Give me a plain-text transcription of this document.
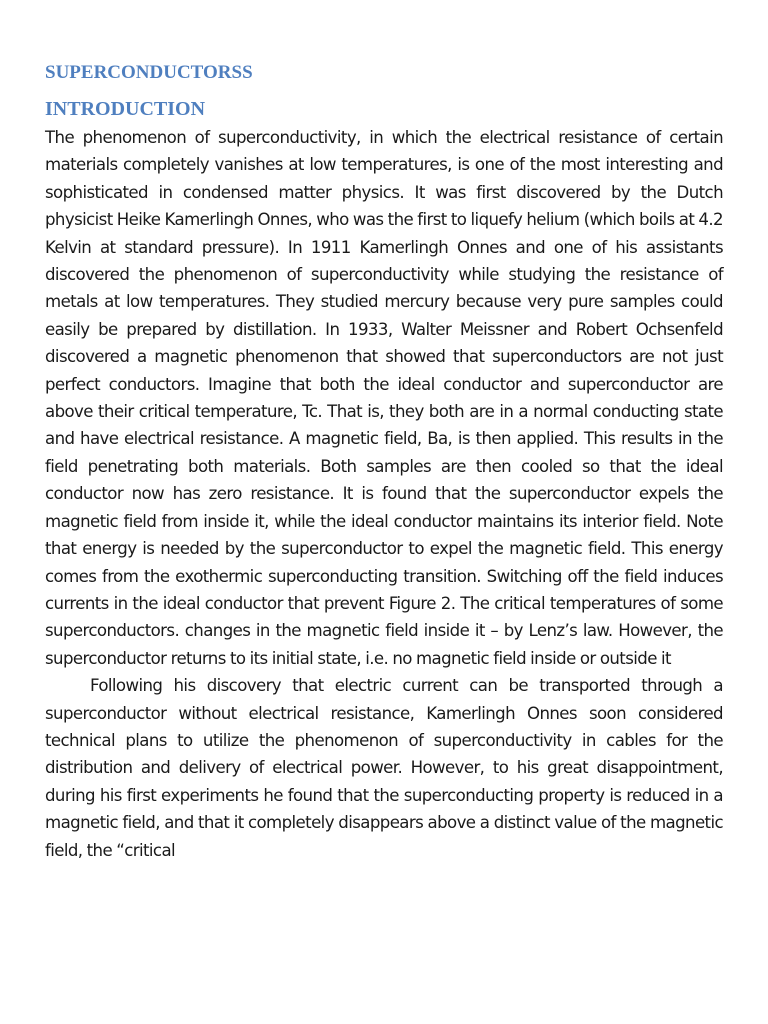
SUPERCONDUCTORSS
INTRODUCTION

The phenomenon of superconductivity, in which the electrical resistance of certain materials completely vanishes at low temperatures, is one of the most interesting and sophisticated in condensed matter physics. It was first discovered by the Dutch physicist Heike Kamerlingh Onnes, who was the first to liquefy helium (which boils at 4.2 Kelvin at standard pressure). In 1911 Kamerlingh Onnes and one of his assistants discovered the phenomenon of superconductivity while studying the resistance of metals at low temperatures. They studied mercury because very pure samples could easily be prepared by distillation. In 1933, Walter Meissner and Robert Ochsenfeld discovered a magnetic phenomenon that showed that superconductors are not just perfect conductors. Imagine that both the ideal conductor and superconductor are above their critical temperature, Tc. That is, they both are in a normal conducting state and have electrical resistance. A magnetic field, Ba, is then applied. This results in the field penetrating both materials. Both samples are then cooled so that the ideal conductor now has zero resistance. It is found that the superconductor expels the magnetic field from inside it, while the ideal conductor maintains its interior field. Note that energy is needed by the superconductor to expel the magnetic field. This energy comes from the exothermic superconducting transition. Switching off the field induces currents in the ideal conductor that prevent Figure 2. The critical temperatures of some superconductors. changes in the magnetic field inside it – by Lenz’s law. However, the superconductor returns to its initial state, i.e. no magnetic field inside or outside it

Following his discovery that electric current can be transported through a superconductor without electrical resistance, Kamerlingh Onnes soon considered technical plans to utilize the phenomenon of superconductivity in cables for the distribution and delivery of electrical power. However, to his great disappointment, during his first experiments he found that the superconducting property is reduced in a magnetic field, and that it completely disappears above a distinct value of the magnetic field, the “critical
